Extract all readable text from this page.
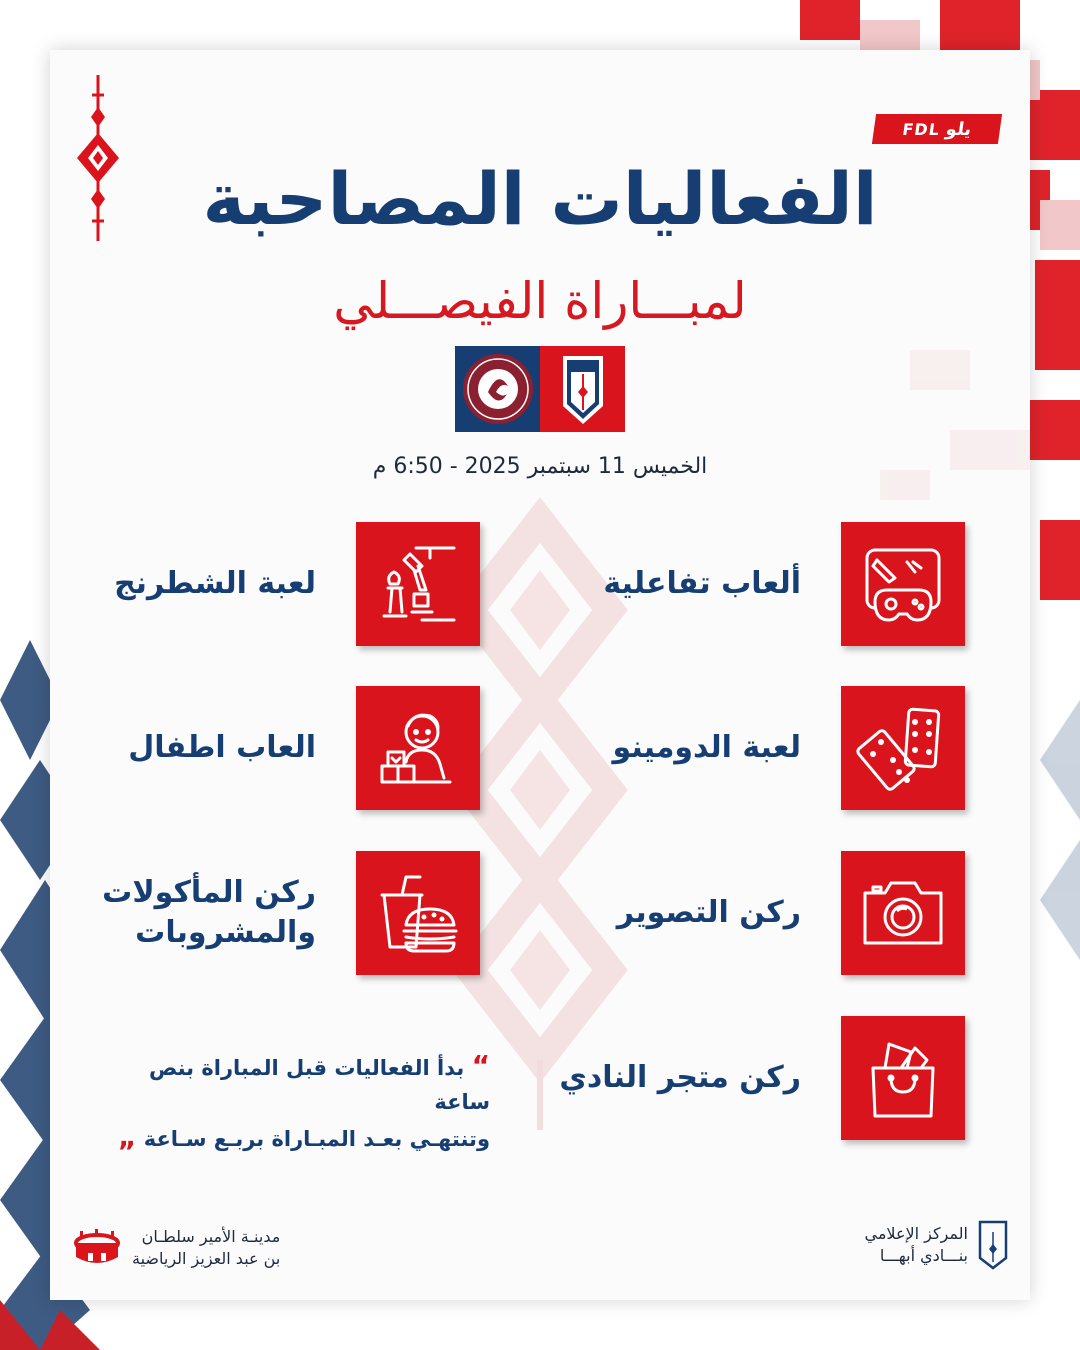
يلو
FDL
الفعاليات المصاحبة
لمبـــاراة الفيصـــلي
الخميس 11 سبتمبر 2025 - 6:50 م
ألعاب تفاعلية
لعبة الشطرنج
لعبة الدومينو
العاب اطفال
ركن التصوير
ركن المأكولات
والمشروبات
ركن متجر النادي
“ بدأ الفعاليات قبل المباراة بنص ساعة
وتنتهـي بعـد المبـاراة بربـع سـاعة „
مدينـة الأمير سلطـان
بن عبد العزيز الرياضية
المركز الإعلامي
بنـــادي أبهـــا
